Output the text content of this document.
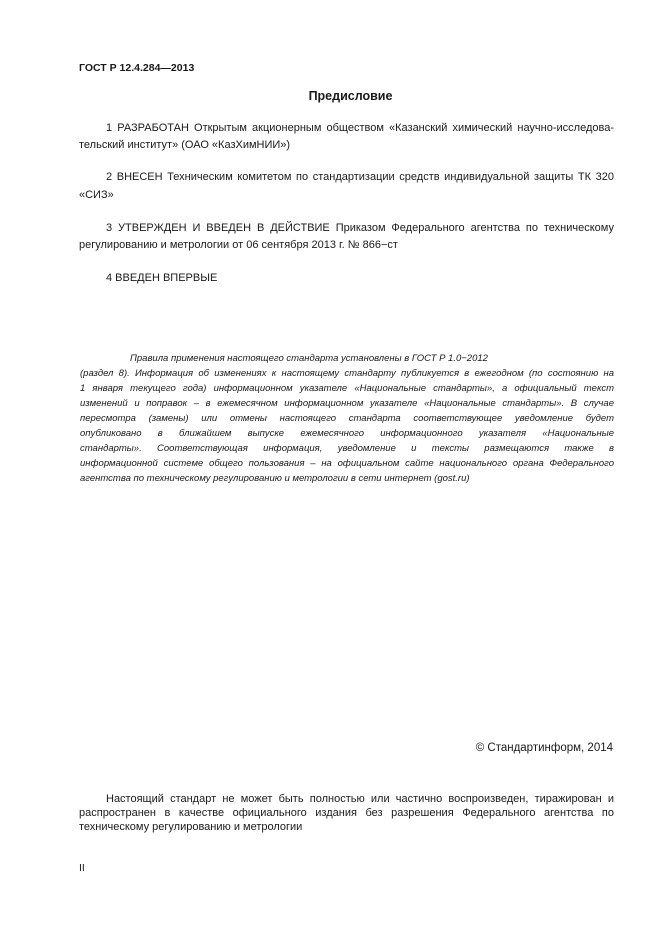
ГОСТ Р 12.4.284—2013
Предисловие
1 РАЗРАБОТАН Открытым акционерным обществом «Казанский химический научно-исследова-
тельский институт» (ОАО «КазХимНИИ»)
2 ВНЕСЕН Техническим комитетом по стандартизации средств индивидуальной защиты ТК 320
«СИЗ»
3 УТВЕРЖДЕН И ВВЕДЕН В ДЕЙСТВИЕ Приказом Федерального агентства по техническому
регулированию и метрологии от 06 сентября 2013 г. № 866−ст
4 ВВЕДЕН ВПЕРВЫЕ
Правила применения настоящего стандарта установлены в ГОСТ Р 1.0−2012
(раздел 8). Информация об изменениях к настоящему стандарту публикуется в ежегодном (по состоянию на
1 января текущего года) информационном указателе «Национальные стандарты», а официальный текст
изменений и поправок – в ежемесячном информационном указателе «Национальные стандарты». В случае
пересмотра (замены) или отмены настоящего стандарта соответствующее уведомление будет
опубликовано в ближайшем выпуске ежемесячного информационного указателя «Национальные
стандарты». Соответствующая информация, уведомление и тексты размещаются также в
информационной системе общего пользования – на официальном сайте национального органа Федерального
агентства по техническому регулированию и метрологии в сети интернет (gost.ru)
© Стандартинформ, 2014
Настоящий стандарт не может быть полностью или частично воспроизведен, тиражирован и
распространен в качестве официального издания без разрешения Федерального агентства по
техническому регулированию и метрологии
II
